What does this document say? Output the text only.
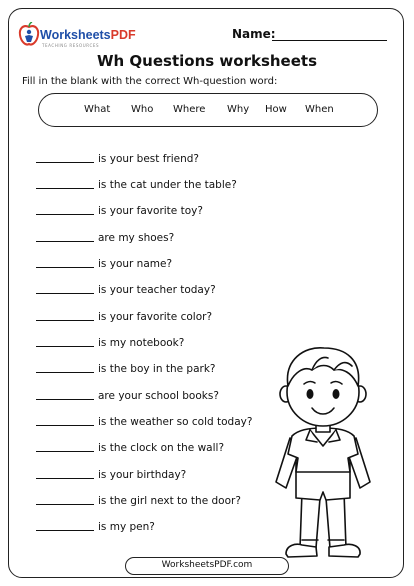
WorksheetsPDF
TEACHING RESOURCES
Name:
Wh Questions worksheets
Fill in the blank with the correct Wh-question word:
What Who Where Why How When
is your best friend?
is the cat under the table?
is your favorite toy?
are my shoes?
is your name?
is your teacher today?
is your favorite color?
is my notebook?
is the boy in the park?
are your school books?
is the weather so cold today?
is the clock on the wall?
is your birthday?
is the girl next to the door?
is my pen?
WorksheetsPDF.com
